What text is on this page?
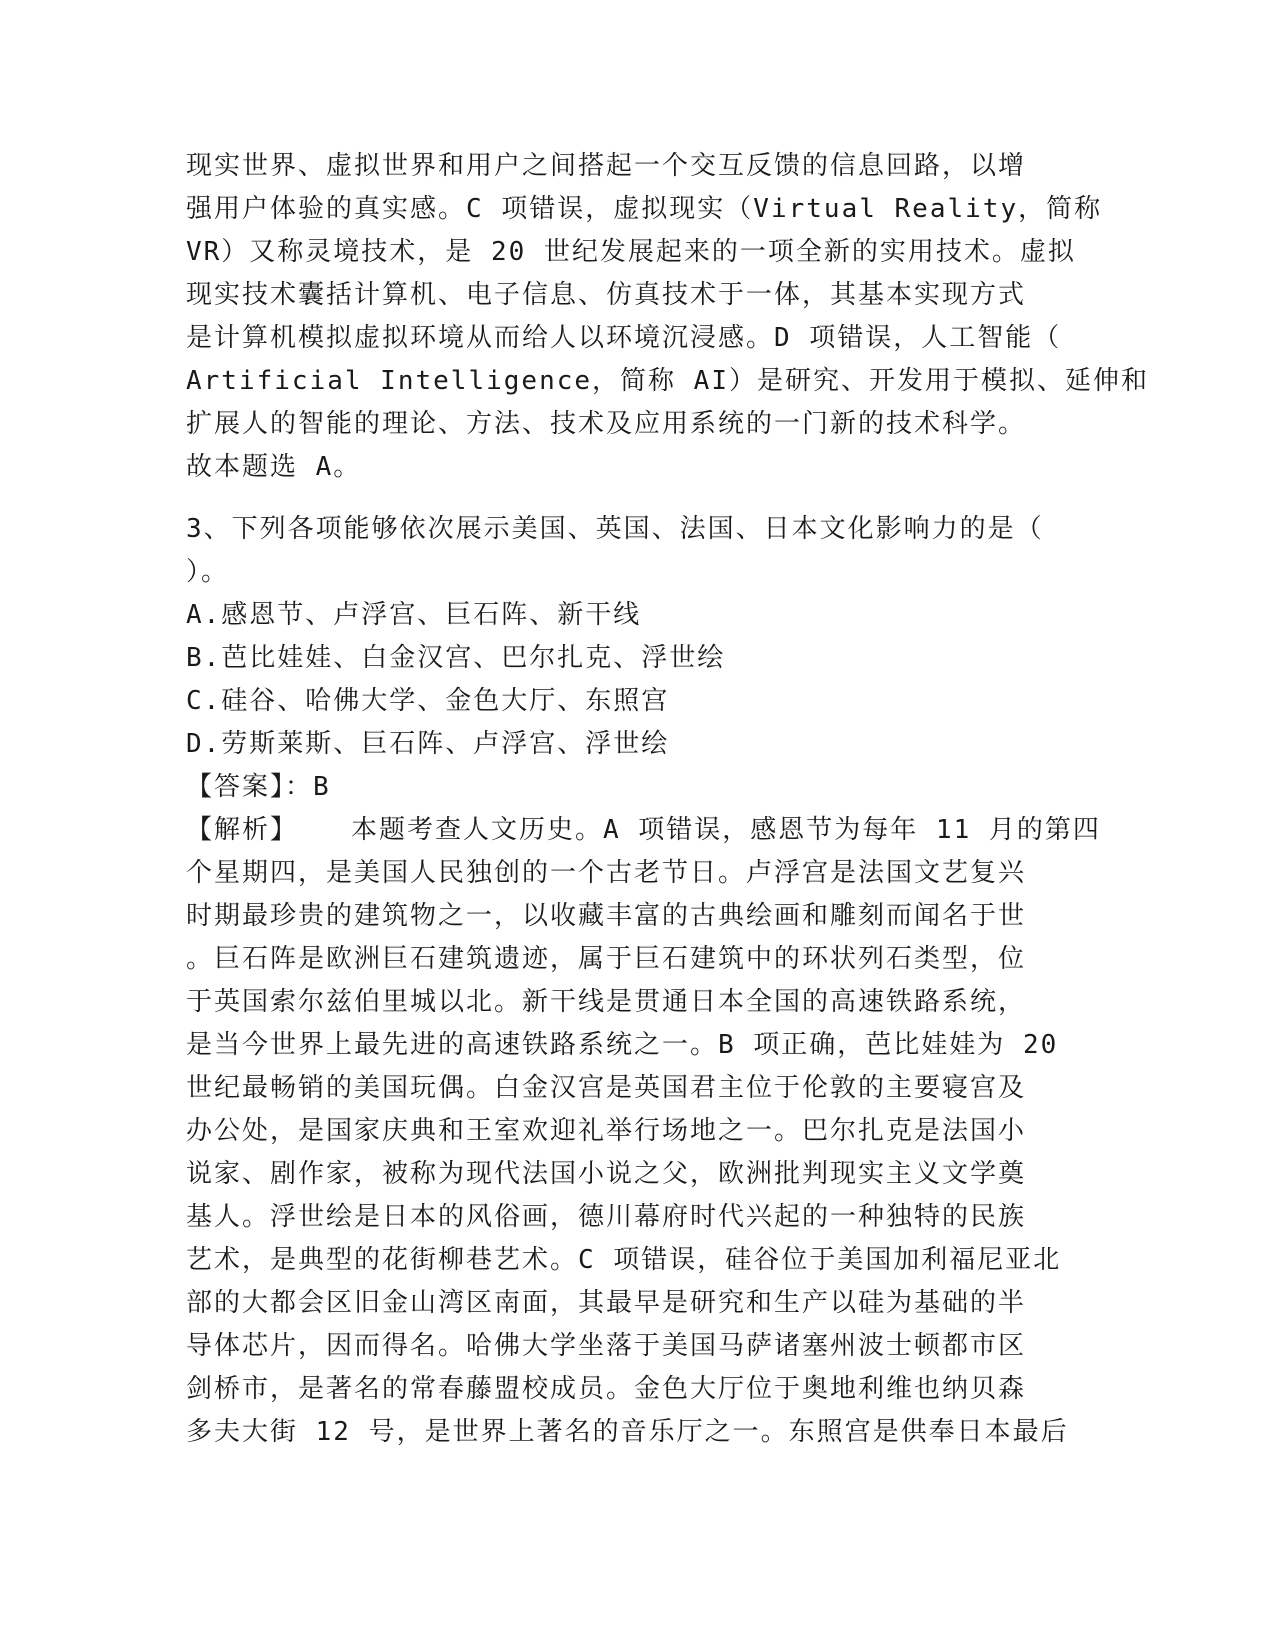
现实世界、虚拟世界和用户之间搭起一个交互反馈的信息回路，以增
强用户体验的真实感。C 项错误，虚拟现实（Virtual Reality，简称
VR）又称灵境技术，是 20 世纪发展起来的一项全新的实用技术。虚拟
现实技术囊括计算机、电子信息、仿真技术于一体，其基本实现方式
是计算机模拟虚拟环境从而给人以环境沉浸感。D 项错误，人工智能（
Artificial Intelligence，简称 AI）是研究、开发用于模拟、延伸和
扩展人的智能的理论、方法、技术及应用系统的一门新的技术科学。
故本题选 A。
3、下列各项能够依次展示美国、英国、法国、日本文化影响力的是（
）。
A.感恩节、卢浮宫、巨石阵、新干线
B.芭比娃娃、白金汉宫、巴尔扎克、浮世绘
C.硅谷、哈佛大学、金色大厅、东照宫
D.劳斯莱斯、巨石阵、卢浮宫、浮世绘
【答案】：B
【解析】   本题考查人文历史。A 项错误，感恩节为每年 11 月的第四
个星期四，是美国人民独创的一个古老节日。卢浮宫是法国文艺复兴
时期最珍贵的建筑物之一，以收藏丰富的古典绘画和雕刻而闻名于世
。巨石阵是欧洲巨石建筑遗迹，属于巨石建筑中的环状列石类型，位
于英国索尔兹伯里城以北。新干线是贯通日本全国的高速铁路系统，
是当今世界上最先进的高速铁路系统之一。B 项正确，芭比娃娃为 20
世纪最畅销的美国玩偶。白金汉宫是英国君主位于伦敦的主要寝宫及
办公处，是国家庆典和王室欢迎礼举行场地之一。巴尔扎克是法国小
说家、剧作家，被称为现代法国小说之父，欧洲批判现实主义文学奠
基人。浮世绘是日本的风俗画，德川幕府时代兴起的一种独特的民族
艺术，是典型的花街柳巷艺术。C 项错误，硅谷位于美国加利福尼亚北
部的大都会区旧金山湾区南面，其最早是研究和生产以硅为基础的半
导体芯片，因而得名。哈佛大学坐落于美国马萨诸塞州波士顿都市区
剑桥市，是著名的常春藤盟校成员。金色大厅位于奥地利维也纳贝森
多夫大街 12 号，是世界上著名的音乐厅之一。东照宫是供奉日本最后
